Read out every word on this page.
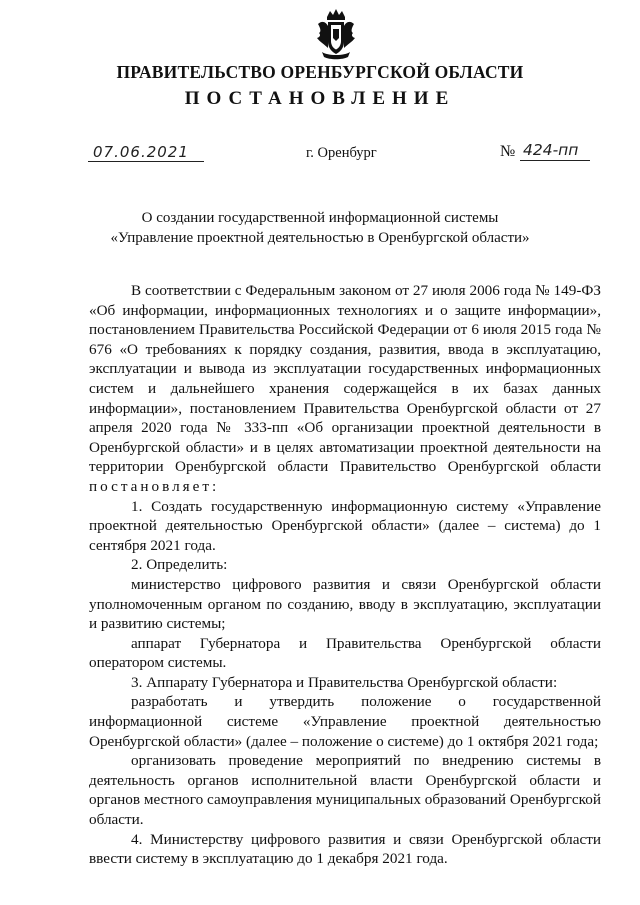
ПРАВИТЕЛЬСТВО ОРЕНБУРГСКОЙ ОБЛАСТИ
ПОСТАНОВЛЕНИЕ
07.06.2021	г. Оренбург	№ 424-пп
О создании государственной информационной системы
«Управление проектной деятельностью в Оренбургской области»

В соответствии с Федеральным законом от 27 июля 2006 года № 149-ФЗ «Об информации, информационных технологиях и о защите информации», постановлением Правительства Российской Федерации от 6 июля 2015 года № 676 «О требованиях к порядку создания, развития, ввода в эксплуатацию, эксплуатации и вывода из эксплуатации государственных информационных систем и дальнейшего хранения содержащейся в их базах данных информации», постановлением Правительства Оренбургской области от 27 апреля 2020 года № 333-пп «Об организации проектной деятельности в Оренбургской области» и в целях автоматизации проектной деятельности на территории Оренбургской области Правительство Оренбургской области постановляет:

1. Создать государственную информационную систему «Управление проектной деятельностью Оренбургской области» (далее – система) до 1 сентября 2021 года.

2. Определить:

министерство цифрового развития и связи Оренбургской области уполномоченным органом по созданию, вводу в эксплуатацию, эксплуатации и развитию системы;

аппарат Губернатора и Правительства Оренбургской области оператором системы.

3. Аппарату Губернатора и Правительства Оренбургской области:

разработать и утвердить положение о государственной информационной системе «Управление проектной деятельностью Оренбургской области» (далее – положение о системе) до 1 октября 2021 года;

организовать проведение мероприятий по внедрению системы в деятельность органов исполнительной власти Оренбургской области и органов местного самоуправления муниципальных образований Оренбургской области.

4. Министерству цифрового развития и связи Оренбургской области ввести систему в эксплуатацию до 1 декабря 2021 года.
